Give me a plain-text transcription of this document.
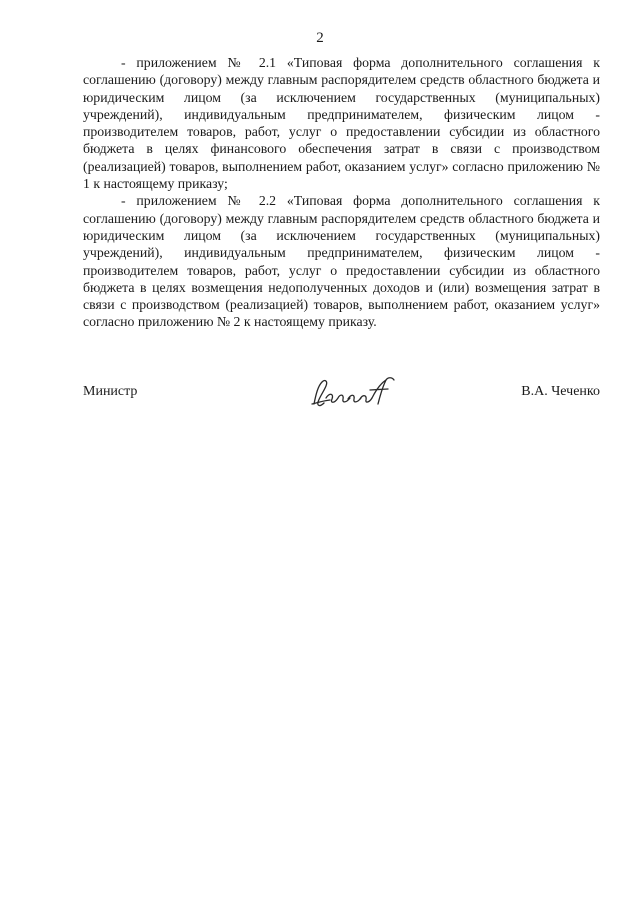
2

- приложением № 2.1 «Типовая форма дополнительного соглашения к соглашению (договору) между главным распорядителем средств областного бюджета и юридическим лицом (за исключением государственных (муниципальных) учреждений), индивидуальным предпринимателем, физическим лицом - производителем товаров, работ, услуг о предоставлении субсидии из областного бюджета в целях финансового обеспечения затрат в связи с производством (реализацией) товаров, выполнением работ, оказанием услуг» согласно приложению № 1 к настоящему приказу;

- приложением № 2.2 «Типовая форма дополнительного соглашения к соглашению (договору) между главным распорядителем средств областного бюджета и юридическим лицом (за исключением государственных (муниципальных) учреждений), индивидуальным предпринимателем, физическим лицом - производителем товаров, работ, услуг о предоставлении субсидии из областного бюджета в целях возмещения недополученных доходов и (или) возмещения затрат в связи с производством (реализацией) товаров, выполнением работ, оказанием услуг» согласно приложению № 2 к настоящему приказу.

Министр	В.А. Чеченко
